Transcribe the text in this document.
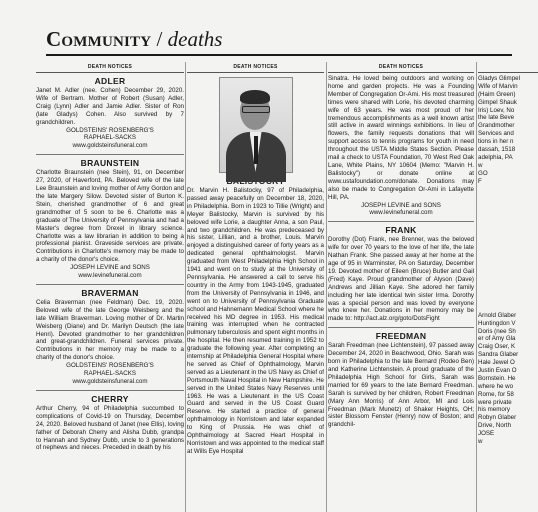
Community / deaths
DEATH NOTICES
ADLER

Janet M. Adler (nee. Cohen) December 29, 2020. Wife of Bertram. Mother of Robert (Susan) Adler, Craig (Lynn) Adler and Jamie Adler. Sister of Ron (late Gladys) Cohen. Also survived by 7 grandchildren.

GOLDSTEINS' ROSENBERG'S
RAPHAEL-SACKS
www.goldsteinsfuneral.com
BRAUNSTEIN

Charlotte Braunstein (nee Stein), 91, on December 27, 2020, of Haverford, PA. Beloved wife of the late Lee Braunstein and loving mother of Amy Gordon and the late Margery Silow. Devoted sister of Burton K. Stein, cherished grandmother of 6 and great grandmother of 5 soon to be 6. Charlotte was a graduate of The University of Pennsylvania and had a Master's degree from Drexel in library science. Charlotte was a law librarian in addition to being a professional pianist. Graveside services are private. Contributions in Charlotte's memory may be made to a charity of the donor's choice.

JOSEPH LEVINE and SONS
www.levinefuneral.com
BRAVERMAN

Celia Braverman (nee Feldman) Dec. 19, 2020. Beloved wife of the late George Weisberg and the late William Braverman. Loving mother of Dr. Martin Weisberg (Diane) and Dr. Marilyn Deutsch (the late Henri). Devoted grandmother to her grandchildren and great-grandchildren. Funeral services private. Contributions in her memory may be made to a charity of the donor's choice.

GOLDSTEINS' ROSENBERG'S
RAPHAEL-SACKS
www.goldsteinsfuneral.com
CHERRY

Arthur Cherry, 94 of Philadelphia succumbed to complications of Covid-19 on Thursday, December 24, 2020. Beloved husband of Janet (nee Ellis), loving father of Deborah Cherry and Alisha Dubb, grandpa to Hannah and Sydney Dubb, uncle to 3 generations of nephews and nieces. Preceded in death by his

DEATH NOTICES

Dr. Marvin H. Balistocky, 97 of Philadelphia, passed away peacefully on December 18, 2020, in Philadelphia. Born in 1923 to Tillie (Wright) and Meyer Balistocky, Marvin is survived by his beloved wife Lorie, a daughter Anna, a son Paul, and two grandchildren. He was predeceased by his sister, Lillian, and a brother, Louis. Marvin enjoyed a distinguished career of forty years as a dedicated general ophthalmologist. Marvin graduated from West Philadelphia High School in 1941 and went on to study at the University of Pennsylvania. He answered a call to serve his country in the Army from 1943-1945, graduated from the University of Pennsylvania in 1946, and went on to University of Pennsylvania Graduate school and Hahnemann Medical School where he received his MD degree in 1953. His medical training was interrupted when he contracted pulmonary tuberculosis and spent eight months in the hospital. He then resumed training in 1952 to graduate the following year. After completing an internship at Philadelphia General Hospital where he served as Chief of Ophthalmology, Marvin served as a Lieutenant in the US Navy as Chief of Portsmouth Naval Hospital in New Hampshire. He served in the United States Navy Reserves until 1963. He was a Lieutenant in the US Coast Guard and served in the US Coast Guard Reserve. He started a practice of general ophthalmology in Norristown and later expanded to King of Prussia. He was chief of Ophthalmology at Sacred Heart Hospital in Norristown and was appointed to the medical staff at Wills Eye Hospital

DEATH NOTICES

Sinatra. He loved being outdoors and working on home and garden projects. He was a Founding Member of Congregation Or-Ami. His most treasured times were shared with Lorie, his devoted charming wife of 63 years. He was most proud of her tremendous accomplishments as a well known artist still active in award winnings exhibitions. In lieu of flowers, the family requests donations that will support access to tennis programs for youth in need throughout the USTA Middle States Section. Please mail a check to USTA Foundation, 70 West Red Oak Lane, White Plains, NY 10604 (Memo: "Marvin H. Balistocky") or donate online at www.ustafoundation.com/donate. Donations may also be made to Congregation Or-Ami in Lafayette Hill, PA.

JOSEPH LEVINE and SONS
www.levinefuneral.com
FRANK

Dorothy (Dot) Frank, nee Brenner, was the beloved wife for over 70 years to the love of her life, the late Nathan Frank. She passed away at her home at the age of 95 in Warminster, PA on Saturday, December 19. Devoted mother of Eileen (Bruce) Butler and Gail (Fred) Kaye. Proud grandmother of Alyson (Dave) Andrews and Jillian Kaye. She adored her family including her late identical twin sister Irma. Dorothy was a special person and was loved by everyone who knew her. Donations in her memory may be made to: http://act.alz.org/goto/DotsFight

FREEDMAN

Sarah Freedman (nee Lichtenstein), 97 passed away December 24, 2020 in Beachwood, Ohio. Sarah was born in Philadelphia to the late Bernard (Rodeo Ben) and Katherine Lichtenstein. A proud graduate of the Philadelphia High School for Girls, Sarah was married for 69 years to the late Bernard Freedman. Sarah is survived by her children, Robert Freedman (Mary Ann Morris) of Ann Arbor, MI and Lois Freedman (Mark Munetz) of Shaker Heights, OH; sister Blossom Fenster (Henry) now of Boston; and grandchil-

Gladys Glimpel
Wife of Marvin
(Haim Green)
Gimpel Shauk
Iris) Loev, No
the late Beve
Grandmother
Services and
tions in her n
dassah, 1518
adelphia, PA
w
GO
F
Arnold Glaber
Huntingdon V
Doris (nee Sh
er of Amy Gla
Craig Oser, K
Sandra Glaber
Hale Jewel O
Justin Evan O
Bornstein. He
where he wo
Rome, for 58
were private
his memory
Robyn Glaber
Drive, North
JOSE
w
